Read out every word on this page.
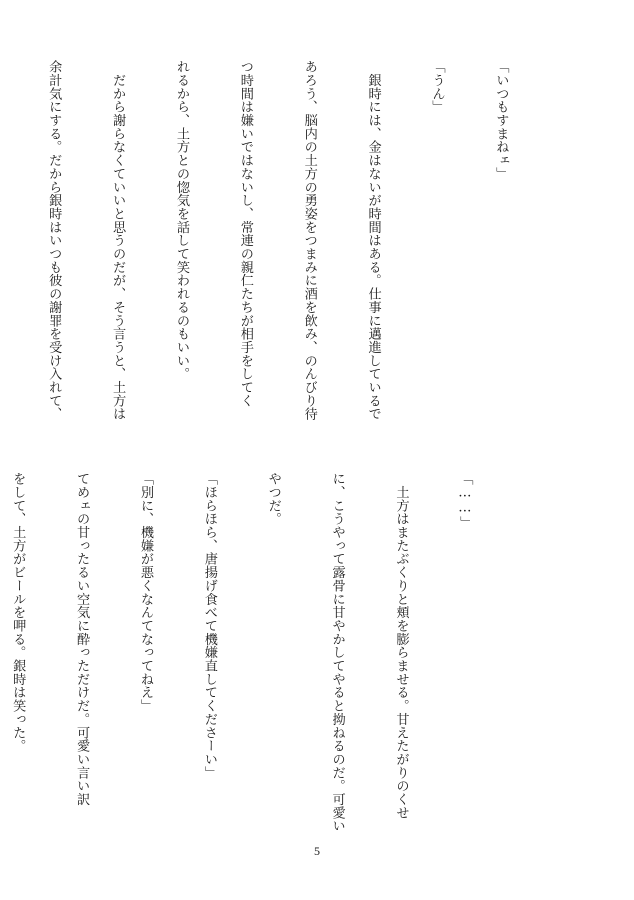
「いつもすまねェ」

「うん」

　銀時には、金はないが時間はある。仕事に邁進しているで

あろう、脳内の土方の勇姿をつまみに酒を飲み、のんびり待

つ時間は嫌いではないし、常連の親仁たちが相手をしてく

れるから、土方との惚気を話して笑われるのもいい。

　だから謝らなくていいと思うのだが、そう言うと、土方は

余計気にする。だから銀時はいつも彼の謝罪を受け入れて、

「……」

　土方はまたぶくりと頬を膨らませる。甘えたがりのくせ

に、こうやって露骨に甘やかしてやると拗ねるのだ。可愛い

やつだ。

「ほらほら、唐揚げ食べて機嫌直してくださーい」

「別に、機嫌が悪くなんてなってねえ」

てめェの甘ったるい空気に酔っただけだ。可愛い言い訳

をして、土方がビールを呷る。銀時は笑った。

5
